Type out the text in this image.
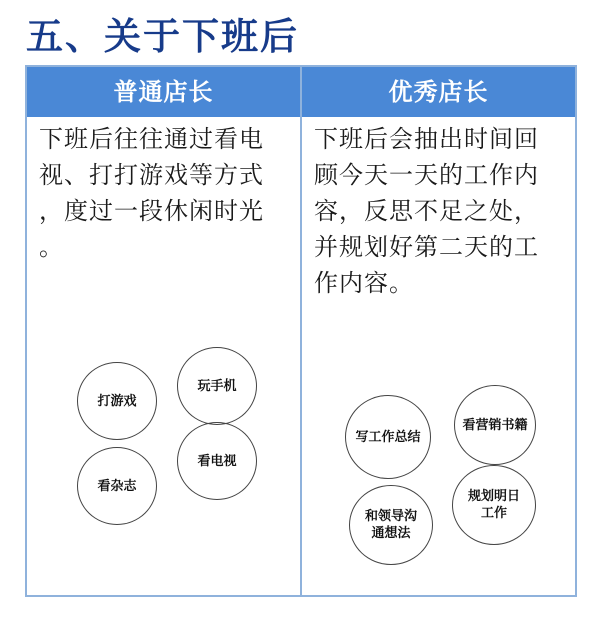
五、关于下班后
普通店长	优秀店长
下班后往往通过看电
视、打打游戏等方式
，度过一段休闲时光
。
下班后会抽出时间回
顾今天一天的工作内
容，反思不足之处，
并规划好第二天的工
作内容。
打游戏
玩手机
看杂志
看电视
写工作总结
看营销书籍
和领导沟通想法
规划明日工作
